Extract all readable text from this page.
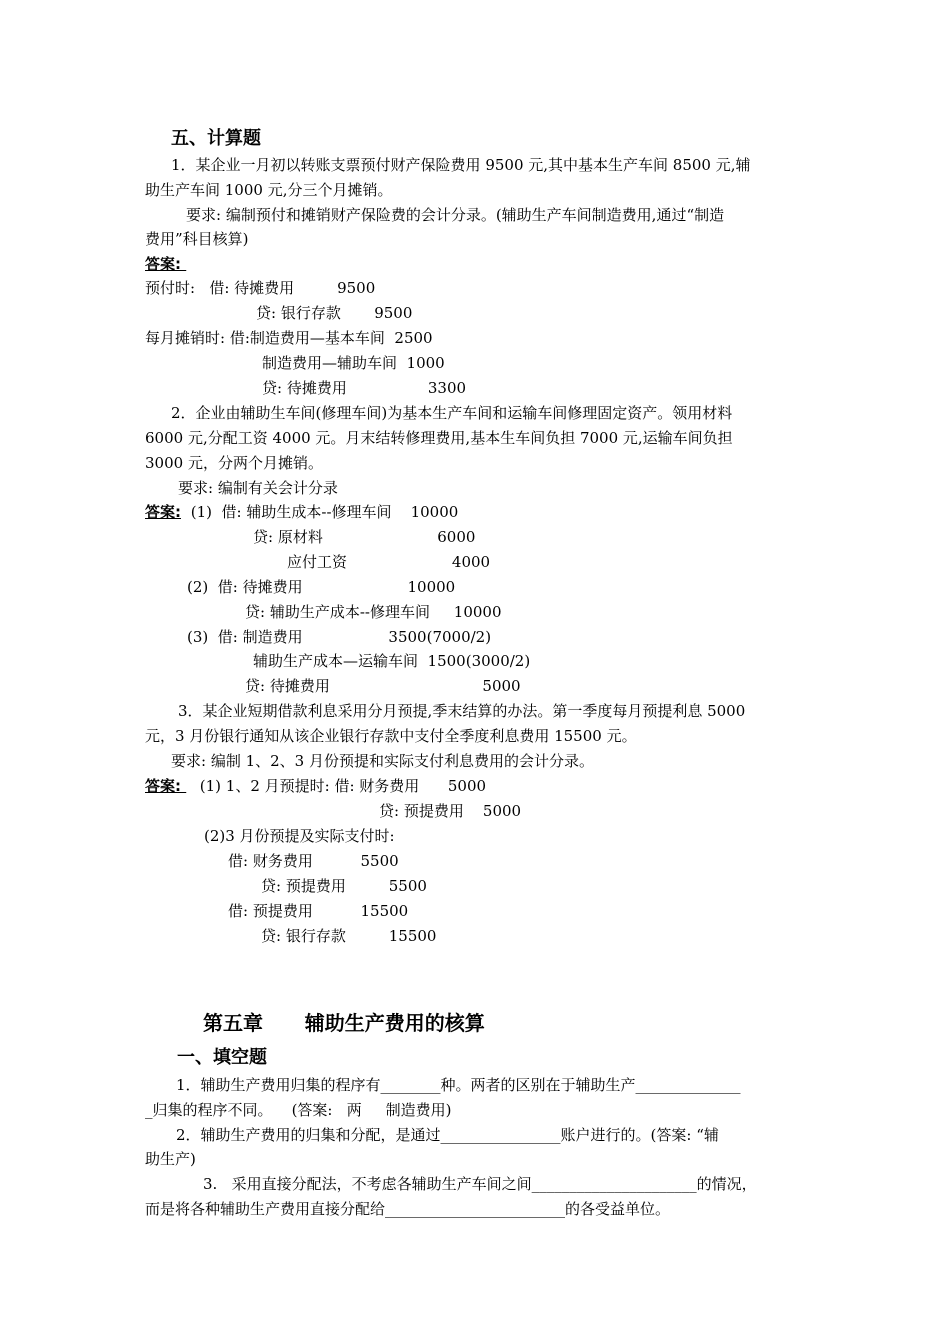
五、计算题
1．某企业一月初以转账支票预付财产保险费用 9500 元,其中基本生产车间 8500 元,辅
助生产车间 1000 元,分三个月摊销。
要求: 编制预付和摊销财产保险费的会计分录。(辅助生产车间制造费用,通过“制造
费用”科目核算)
答案:
预付时:   借: 待摊费用         9500
贷: 银行存款       9500
每月摊销时: 借:制造费用—基本车间  2500
制造费用—辅助车间  1000
贷: 待摊费用                 3300
2．企业由辅助生车间(修理车间)为基本生产车间和运输车间修理固定资产。领用材料
6000 元,分配工资 4000 元。月末结转修理费用,基本生车间负担 7000 元,运输车间负担
3000 元，分两个月摊销。
要求: 编制有关会计分录
答案: (1)  借: 辅助生成本--修理车间    10000
贷: 原材料                        6000
应付工资                      4000
(2)  借: 待摊费用                      10000
贷: 辅助生产成本--修理车间     10000
(3)  借: 制造费用                  3500(7000/2)
辅助生产成本—运输车间  1500(3000/2)
贷: 待摊费用                                5000
3．某企业短期借款利息采用分月预提,季末结算的办法。第一季度每月预提利息 5000
元，3 月份银行通知从该企业银行存款中支付全季度利息费用 15500 元。
要求: 编制 1、2、3 月份预提和实际支付利息费用的会计分录。
答案: (1) 1、2 月预提时: 借: 财务费用      5000
贷: 预提费用    5000
(2)3 月份预提及实际支付时:
借: 财务费用          5500
贷: 预提费用         5500
借: 预提费用          15500
贷: 银行存款         15500
第五章      辅助生产费用的核算
一、填空题
1．辅助生产费用归集的程序有________种。两者的区别在于辅助生产______________
_归集的程序不同。    (答案:   两     制造费用)
2．辅助生产费用的归集和分配，是通过________________账户进行的。(答案: “辅
助生产)
3.   采用直接分配法，不考虑各辅助生产车间之间______________________的情况，
而是将各种辅助生产费用直接分配给________________________的各受益单位。
